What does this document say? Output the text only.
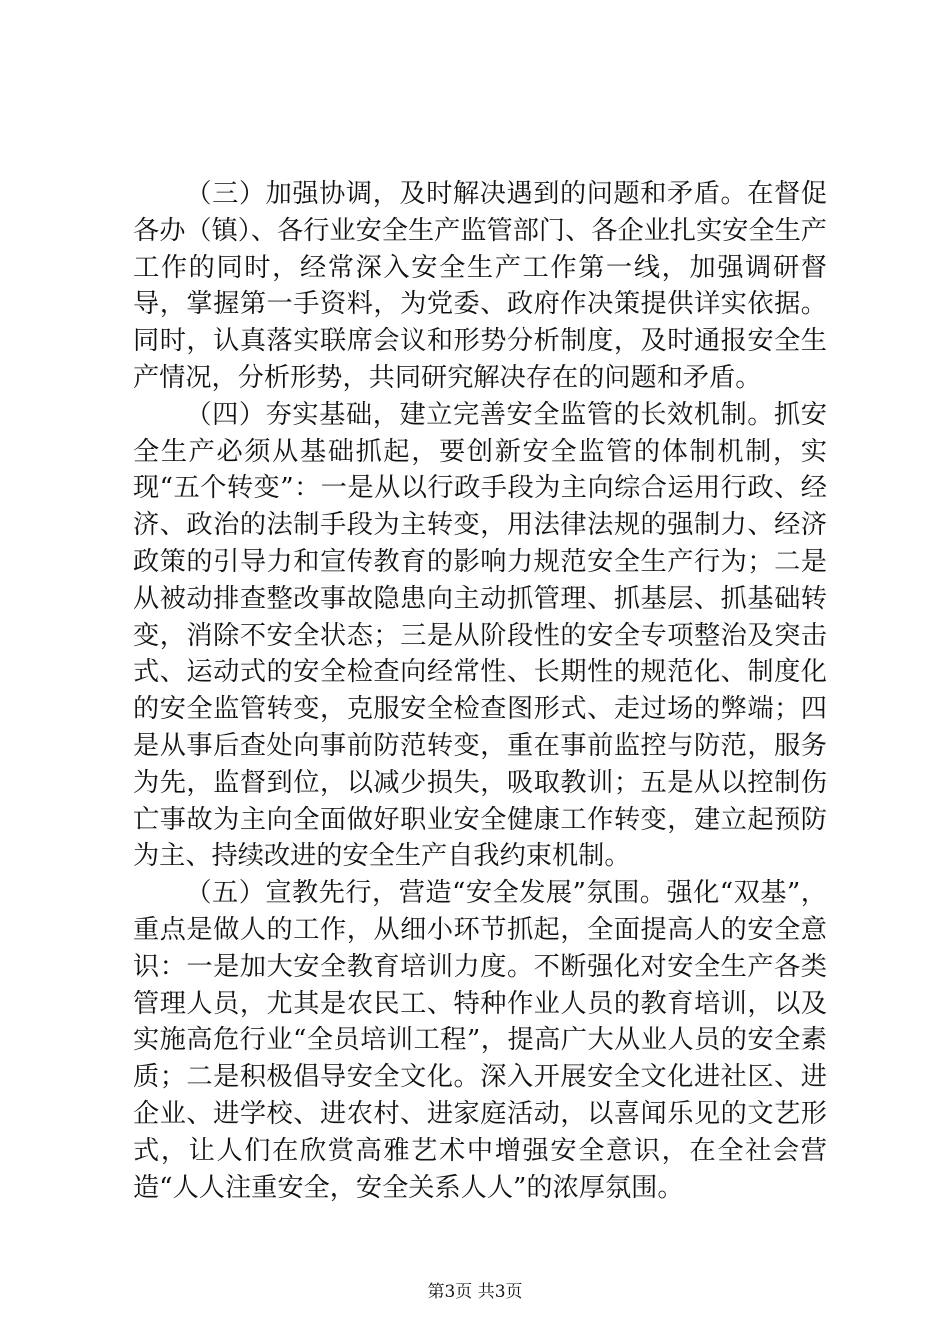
（三）加强协调，及时解决遇到的问题和矛盾。在督促各办（镇）、各行业安全生产监管部门、各企业扎实安全生产工作的同时，经常深入安全生产工作第一线，加强调研督导，掌握第一手资料，为党委、政府作决策提供详实依据。同时，认真落实联席会议和形势分析制度，及时通报安全生产情况，分析形势，共同研究解决存在的问题和矛盾。

（四）夯实基础，建立完善安全监管的长效机制。抓安全生产必须从基础抓起，要创新安全监管的体制机制，实现“五个转变”：一是从以行政手段为主向综合运用行政、经济、政治的法制手段为主转变，用法律法规的强制力、经济政策的引导力和宣传教育的影响力规范安全生产行为；二是从被动排查整改事故隐患向主动抓管理、抓基层、抓基础转变，消除不安全状态；三是从阶段性的安全专项整治及突击式、运动式的安全检查向经常性、长期性的规范化、制度化的安全监管转变，克服安全检查图形式、走过场的弊端；四是从事后查处向事前防范转变，重在事前监控与防范，服务为先，监督到位，以减少损失，吸取教训；五是从以控制伤亡事故为主向全面做好职业安全健康工作转变，建立起预防为主、持续改进的安全生产自我约束机制。

（五）宣教先行，营造“安全发展”氛围。强化“双基”，重点是做人的工作，从细小环节抓起，全面提高人的安全意识：一是加大安全教育培训力度。不断强化对安全生产各类管理人员，尤其是农民工、特种作业人员的教育培训，以及实施高危行业“全员培训工程”，提高广大从业人员的安全素质；二是积极倡导安全文化。深入开展安全文化进社区、进企业、进学校、进农村、进家庭活动，以喜闻乐见的文艺形式，让人们在欣赏高雅艺术中增强安全意识，在全社会营造“人人注重安全，安全关系人人”的浓厚氛围。

第3页 共3页
